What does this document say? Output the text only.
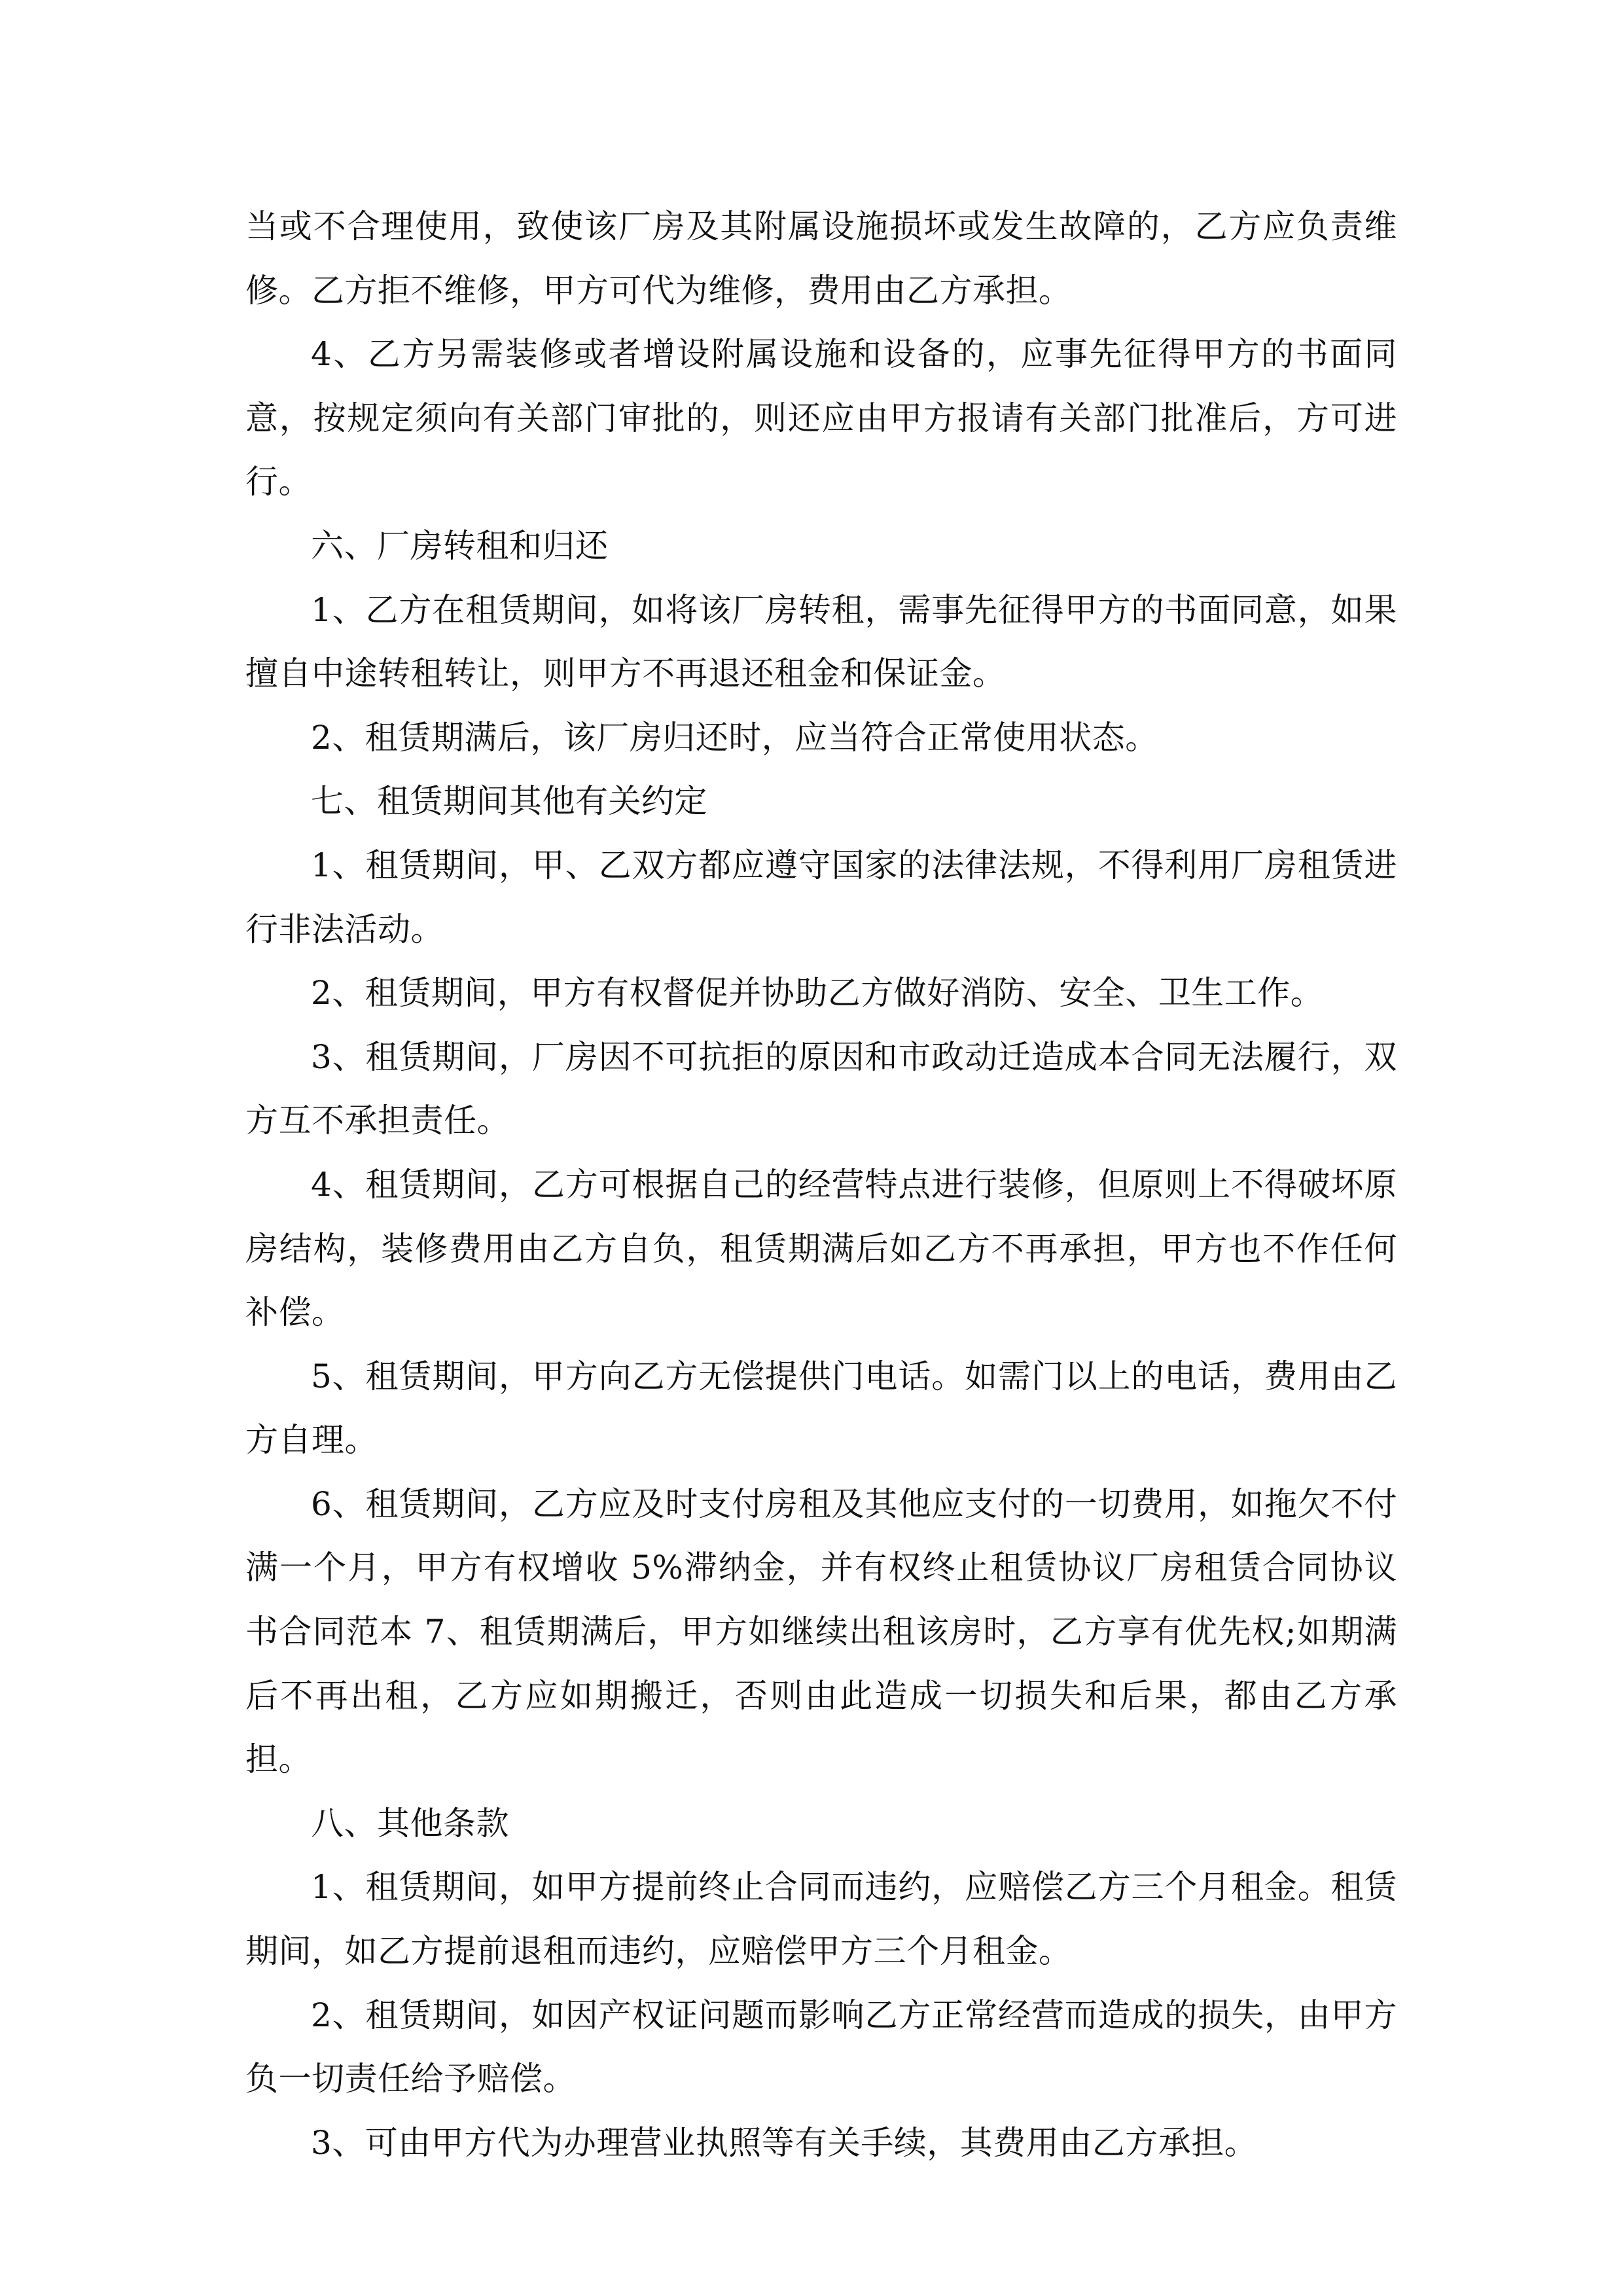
当或不合理使用，致使该厂房及其附属设施损坏或发生故障的，乙方应负责维修。乙方拒不维修，甲方可代为维修，费用由乙方承担。

4、乙方另需装修或者增设附属设施和设备的，应事先征得甲方的书面同意，按规定须向有关部门审批的，则还应由甲方报请有关部门批准后，方可进行。

六、厂房转租和归还

1、乙方在租赁期间，如将该厂房转租，需事先征得甲方的书面同意，如果擅自中途转租转让，则甲方不再退还租金和保证金。

2、租赁期满后，该厂房归还时，应当符合正常使用状态。

七、租赁期间其他有关约定

1、租赁期间，甲、乙双方都应遵守国家的法律法规，不得利用厂房租赁进行非法活动。

2、租赁期间，甲方有权督促并协助乙方做好消防、安全、卫生工作。

3、租赁期间，厂房因不可抗拒的原因和市政动迁造成本合同无法履行，双方互不承担责任。

4、租赁期间，乙方可根据自己的经营特点进行装修，但原则上不得破坏原房结构，装修费用由乙方自负，租赁期满后如乙方不再承担，甲方也不作任何补偿。

5、租赁期间，甲方向乙方无偿提供门电话。如需门以上的电话，费用由乙方自理。

6、租赁期间，乙方应及时支付房租及其他应支付的一切费用，如拖欠不付满一个月，甲方有权增收 5%滞纳金，并有权终止租赁协议厂房租赁合同协议书合同范本 7、租赁期满后，甲方如继续出租该房时，乙方享有优先权;如期满后不再出租，乙方应如期搬迁，否则由此造成一切损失和后果，都由乙方承担。

八、其他条款

1、租赁期间，如甲方提前终止合同而违约，应赔偿乙方三个月租金。租赁期间，如乙方提前退租而违约，应赔偿甲方三个月租金。

2、租赁期间，如因产权证问题而影响乙方正常经营而造成的损失，由甲方负一切责任给予赔偿。

3、可由甲方代为办理营业执照等有关手续，其费用由乙方承担。
